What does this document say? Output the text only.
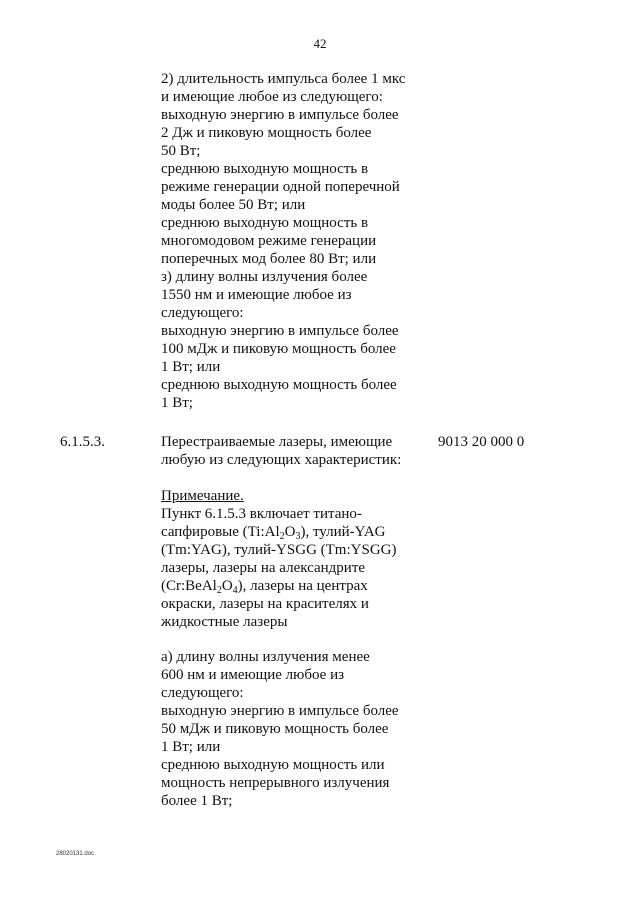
42
2) длительность импульса более 1 мкс
и имеющие любое из следующего:
выходную энергию в импульсе более
2 Дж и пиковую мощность более
50 Вт;
среднюю выходную мощность в
режиме генерации одной поперечной
моды более 50 Вт; или
среднюю выходную мощность в
многомодовом режиме генерации
поперечных мод более 80 Вт; или
з) длину волны излучения более
1550 нм и имеющие любое из
следующего:
выходную энергию в импульсе более
100 мДж и пиковую мощность более
1 Вт; или
среднюю выходную мощность более
1 Вт;
6.1.5.3.	Перестраиваемые лазеры, имеющие
любую из следующих характеристик:
9013 20 000 0
Примечание.
Пункт 6.1.5.3 включает титано-
сапфировые $(Ti:Al_2O_3)$, тулий-YAG
(Tm:YAG), тулий-YSGG (Tm:YSGG)
лазеры, лазеры на александрите
$(Cr:BeAl_2O_4)$, лазеры на центрах
окраски, лазеры на красителях и
жидкостные лазеры
а) длину волны излучения менее
600 нм и имеющие любое из
следующего:
выходную энергию в импульсе более
50 мДж и пиковую мощность более
1 Вт; или
среднюю выходную мощность или
мощность непрерывного излучения
более 1 Вт;
28020131.doc
